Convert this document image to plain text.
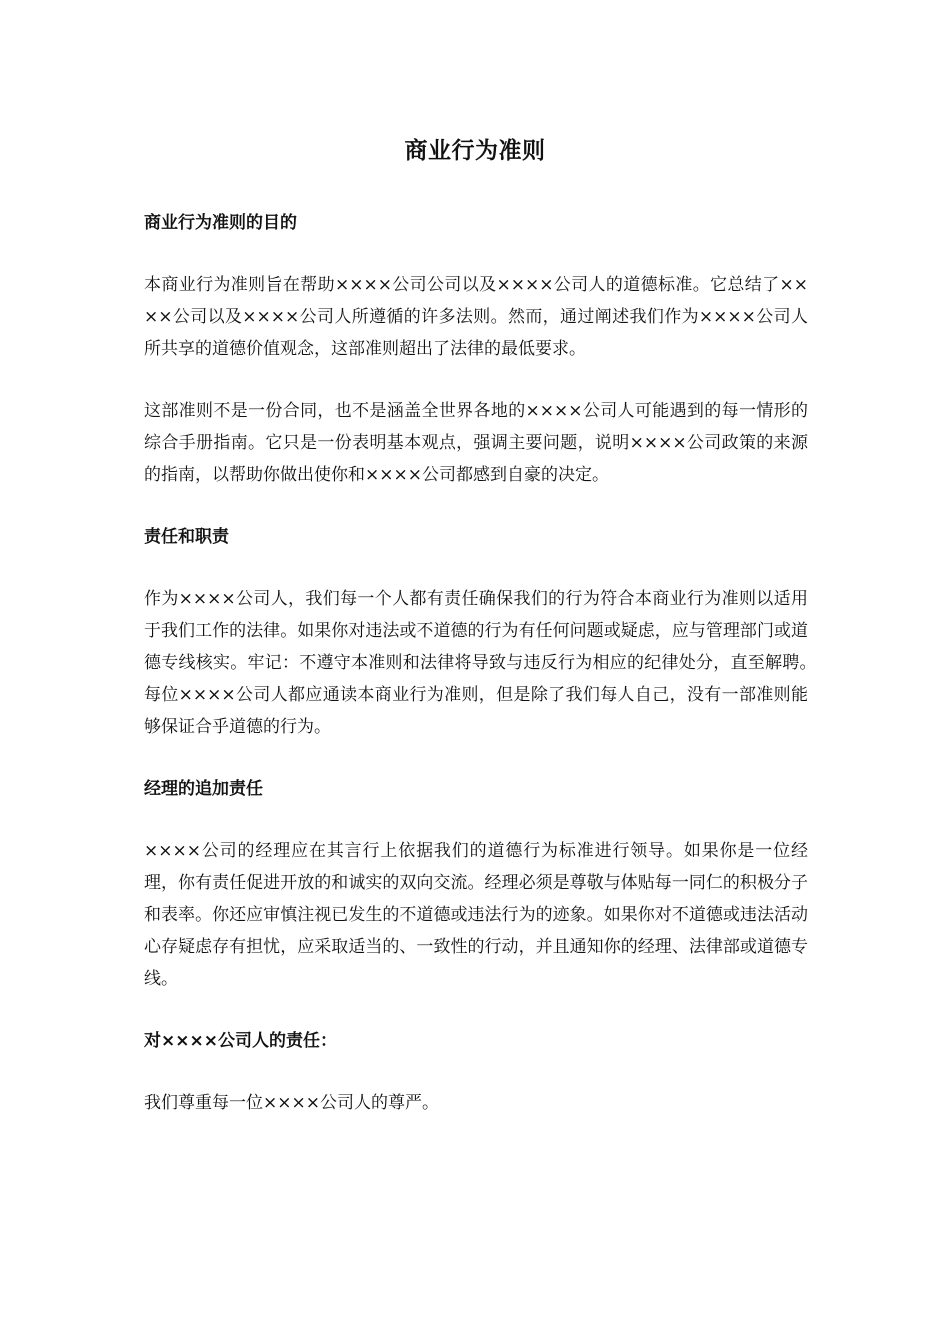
商业行为准则
商业行为准则的目的

本商业行为准则旨在帮助××××公司公司以及××××公司人的道德标准。它总结了××××公司以及××××公司人所遵循的许多法则。然而，通过阐述我们作为××××公司人所共享的道德价值观念，这部准则超出了法律的最低要求。

这部准则不是一份合同，也不是涵盖全世界各地的××××公司人可能遇到的每一情形的综合手册指南。它只是一份表明基本观点，强调主要问题，说明××××公司政策的来源的指南，以帮助你做出使你和××××公司都感到自豪的决定。

责任和职责

作为××××公司人，我们每一个人都有责任确保我们的行为符合本商业行为准则以适用于我们工作的法律。如果你对违法或不道德的行为有任何问题或疑虑，应与管理部门或道德专线核实。牢记：不遵守本准则和法律将导致与违反行为相应的纪律处分，直至解聘。　每位××××公司人都应通读本商业行为准则，但是除了我们每人自己，没有一部准则能够保证合乎道德的行为。

经理的追加责任

××××公司的经理应在其言行上依据我们的道德行为标准进行领导。如果你是一位经理，你有责任促进开放的和诚实的双向交流。经理必须是尊敬与体贴每一同仁的积极分子和表率。你还应审慎注视已发生的不道德或违法行为的迹象。如果你对不道德或违法活动心存疑虑存有担忧，应采取适当的、一致性的行动，并且通知你的经理、法律部或道德专线。

对××××公司人的责任：

我们尊重每一位××××公司人的尊严。
